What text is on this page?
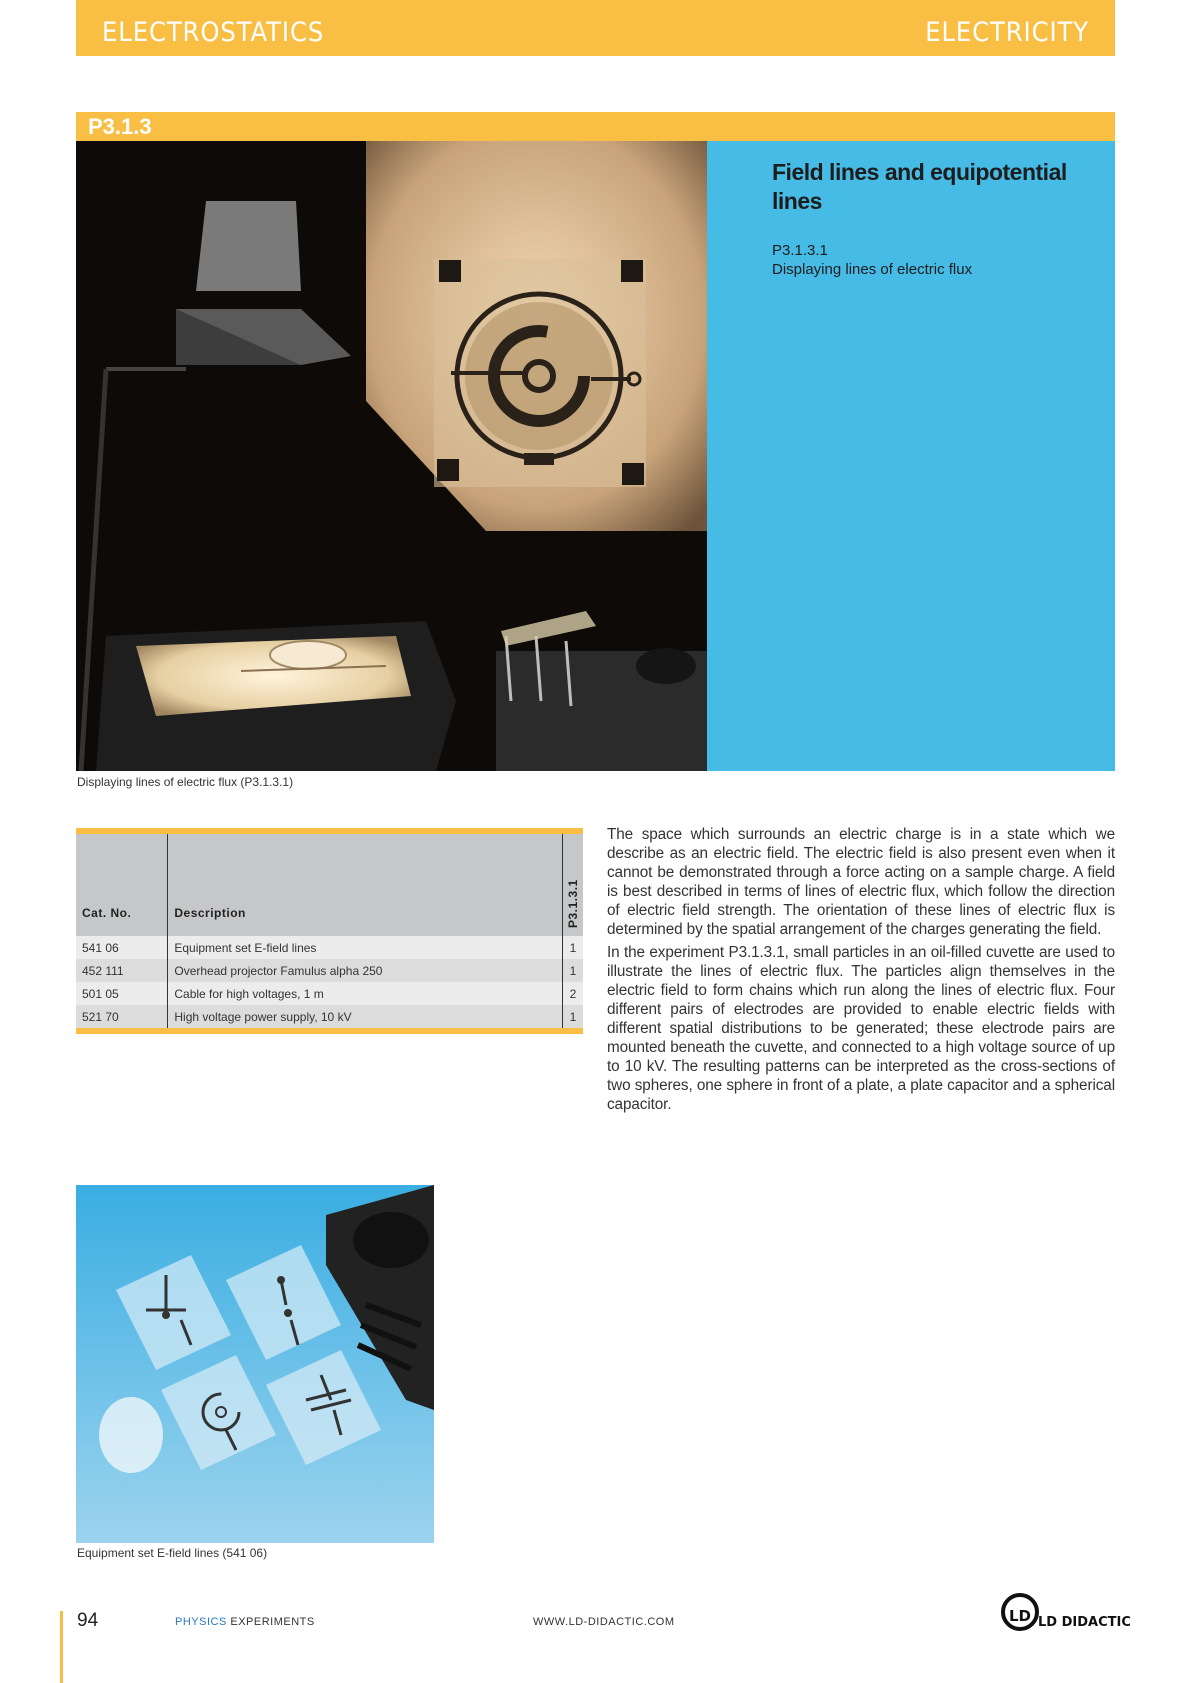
ELECTROSTATICS	ELECTRICITY
P3.1.3
Field lines and equipotential lines
P3.1.3.1
Displaying lines of electric flux
Displaying lines of electric flux (P3.1.3.1)
Cat. No.	Description	P3.1.3.1

541 06	Equipment set E-field lines	1
452 111	Overhead projector Famulus alpha 250	1
501 05	Cable for high voltages, 1 m	2
521 70	High voltage power supply, 10 kV	1

The space which surrounds an electric charge is in a state which we describe as an electric field. The electric field is also present even when it cannot be demonstrated through a force acting on a sample charge. A field is best described in terms of lines of electric flux, which follow the direction of electric field strength. The orientation of these lines of electric flux is determined by the spatial arrangement of the charges generating the field.

In the experiment P3.1.3.1, small particles in an oil-filled cuvette are used to illustrate the lines of electric flux. The particles align themselves in the electric field to form chains which run along the lines of electric flux. Four different pairs of electrodes are provided to enable electric fields with different spatial distributions to be generated; these electrode pairs are mounted beneath the cuvette, and connected to a high voltage source of up to 10 kV. The resulting patterns can be interpreted as the cross-sections of two spheres, one sphere in front of a plate, a plate capacitor and a spherical capacitor.

Equipment set E-field lines (541 06)
94	PHYSICS EXPERIMENTS	WWW.LD-DIDACTIC.COM	LD LD DIDACTIC
